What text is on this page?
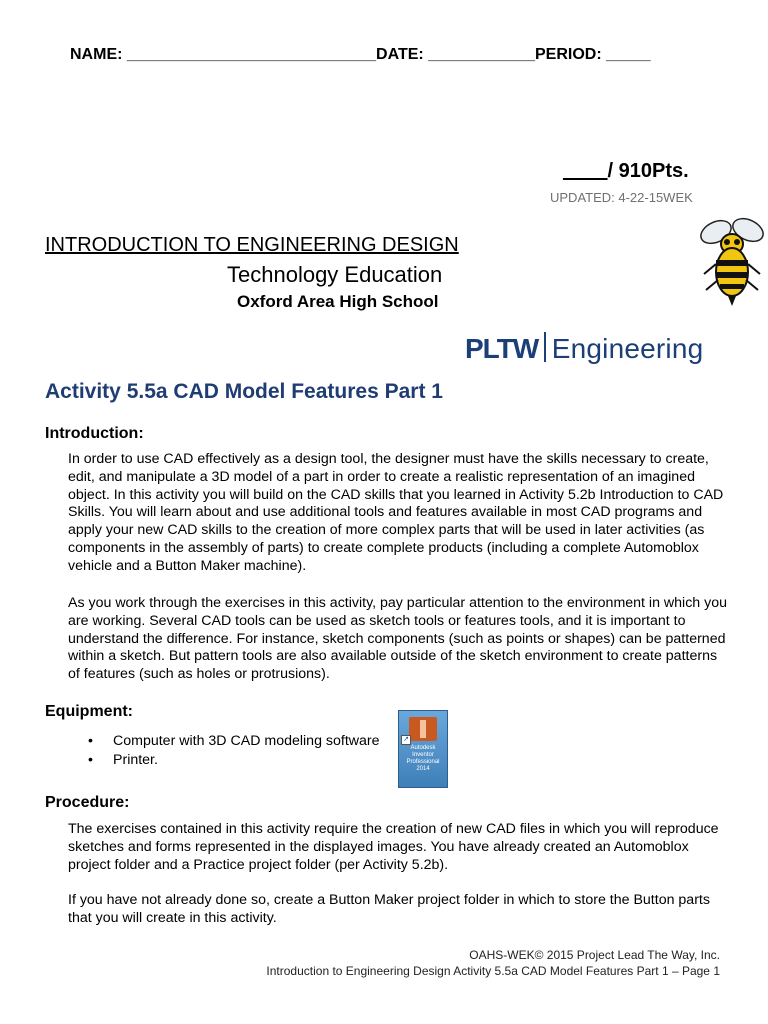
NAME: ____________________________DATE: ____________PERIOD: _____
____/ 910Pts.
UPDATED: 4-22-15WEK
INTRODUCTION TO ENGINEERING DESIGN
Technology Education
Oxford Area High School
PLTW Engineering
Activity 5.5a CAD Model Features Part 1
Introduction:
In order to use CAD effectively as a design tool, the designer must have the skills necessary to create, edit, and manipulate a 3D model of a part in order to create a realistic representation of an imagined object. In this activity you will build on the CAD skills that you learned in Activity 5.2b Introduction to CAD Skills. You will learn about and use additional tools and features available in most CAD programs and apply your new CAD skills to the creation of more complex parts that will be used in later activities (as components in the assembly of parts) to create complete products (including a complete Automoblox vehicle and a Button Maker machine).
As you work through the exercises in this activity, pay particular attention to the environment in which you are working. Several CAD tools can be used as sketch tools or features tools, and it is important to understand the difference. For instance, sketch components (such as points or shapes) can be patterned within a sketch. But pattern tools are also available outside of the sketch environment to create patterns of features (such as holes or protrusions).
Equipment:
• Computer with 3D CAD modeling software
• Printer.
↗
Autodesk Inventor Professional 2014
Procedure:
The exercises contained in this activity require the creation of new CAD files in which you will reproduce sketches and forms represented in the displayed images. You have already created an Automoblox project folder and a Practice project folder (per Activity 5.2b).
If you have not already done so, create a Button Maker project folder in which to store the Button parts that you will create in this activity.
OAHS-WEK© 2015 Project Lead The Way, Inc.
Introduction to Engineering Design Activity 5.5a CAD Model Features Part 1 – Page 1
